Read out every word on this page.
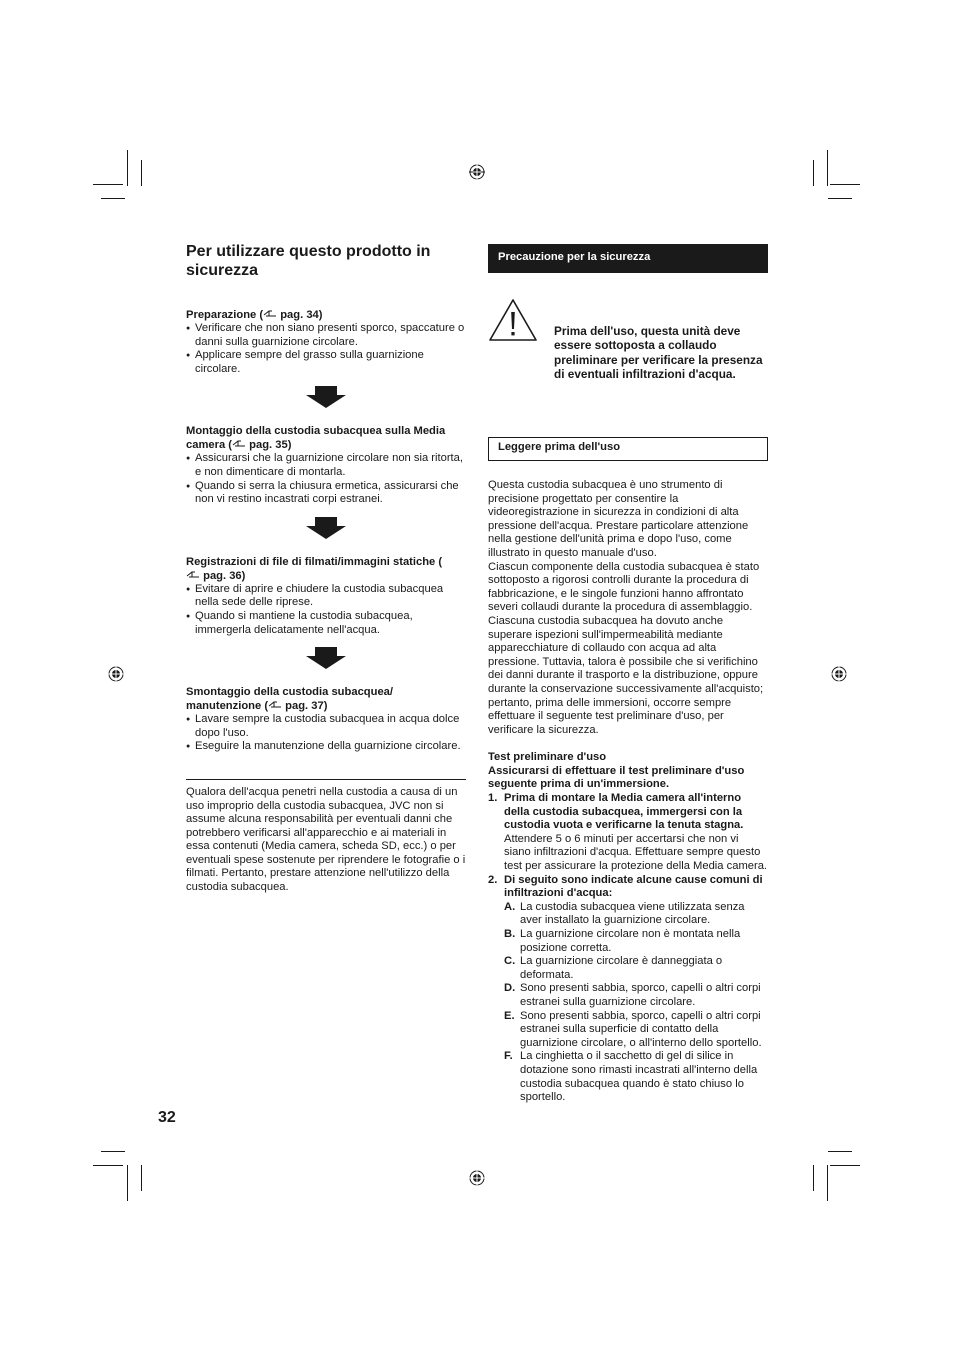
Per utilizzare questo prodotto in sicurezza
Preparazione ( pag. 34)
● Verificare che non siano presenti sporco, spaccature o danni sulla guarnizione circolare.
● Applicare sempre del grasso sulla guarnizione circolare.
Montaggio della custodia subacquea sulla Media camera ( pag. 35)
● Assicurarsi che la guarnizione circolare non sia ritorta, e non dimenticare di montarla.
● Quando si serra la chiusura ermetica, assicurarsi che non vi restino incastrati corpi estranei.
Registrazioni di file di filmati/immagini statiche ( pag. 36)
● Evitare di aprire e chiudere la custodia subacquea nella sede delle riprese.
● Quando si mantiene la custodia subacquea, immergerla delicatamente nell'acqua.
Smontaggio della custodia subacquea/ manutenzione ( pag. 37)
● Lavare sempre la custodia subacquea in acqua dolce dopo l'uso.
● Eseguire la manutenzione della guarnizione circolare.

Qualora dell'acqua penetri nella custodia a causa di un uso improprio della custodia subacquea, JVC non si assume alcuna responsabilità per eventuali danni che potrebbero verificarsi all'apparecchio e ai materiali in essa contenuti (Media camera, scheda SD, ecc.) o per eventuali spese sostenute per riprendere le fotografie o i filmati. Pertanto, prestare attenzione nell'utilizzo della custodia subacquea.

Precauzione per la sicurezza
Prima dell'uso, questa unità deve essere sottoposta a collaudo preliminare per verificare la presenza di eventuali infiltrazioni d'acqua.
Leggere prima dell'uso

Questa custodia subacquea è uno strumento di precisione progettato per consentire la videoregistrazione in sicurezza in condizioni di alta pressione dell'acqua. Prestare particolare attenzione nella gestione dell'unità prima e dopo l'uso, come illustrato in questo manuale d'uso.

Ciascun componente della custodia subacquea è stato sottoposto a rigorosi controlli durante la procedura di fabbricazione, e le singole funzioni hanno affrontato severi collaudi durante la procedura di assemblaggio. Ciascuna custodia subacquea ha dovuto anche superare ispezioni sull'impermeabilità mediante apparecchiature di collaudo con acqua ad alta pressione. Tuttavia, talora è possibile che si verifichino dei danni durante il trasporto e la distribuzione, oppure durante la conservazione successivamente all'acquisto; pertanto, prima delle immersioni, occorre sempre effettuare il seguente test preliminare d'uso, per verificare la sicurezza.

Test preliminare d'uso

Assicurarsi di effettuare il test preliminare d'uso seguente prima di un'immersione.

1. Prima di montare la Media camera all'interno della custodia subacquea, immergersi con la custodia vuota e verificarne la tenuta stagna.
Attendere 5 o 6 minuti per accertarsi che non vi siano infiltrazioni d'acqua. Effettuare sempre questo test per assicurare la protezione della Media camera.
2. Di seguito sono indicate alcune cause comuni di infiltrazioni d'acqua:
A. La custodia subacquea viene utilizzata senza aver installato la guarnizione circolare.
B. La guarnizione circolare non è montata nella posizione corretta.
C. La guarnizione circolare è danneggiata o deformata.
D. Sono presenti sabbia, sporco, capelli o altri corpi estranei sulla guarnizione circolare.
E. Sono presenti sabbia, sporco, capelli o altri corpi estranei sulla superficie di contatto della guarnizione circolare, o all'interno dello sportello.
F. La cinghietta o il sacchetto di gel di silice in dotazione sono rimasti incastrati all'interno della custodia subacquea quando è stato chiuso lo sportello.
32
